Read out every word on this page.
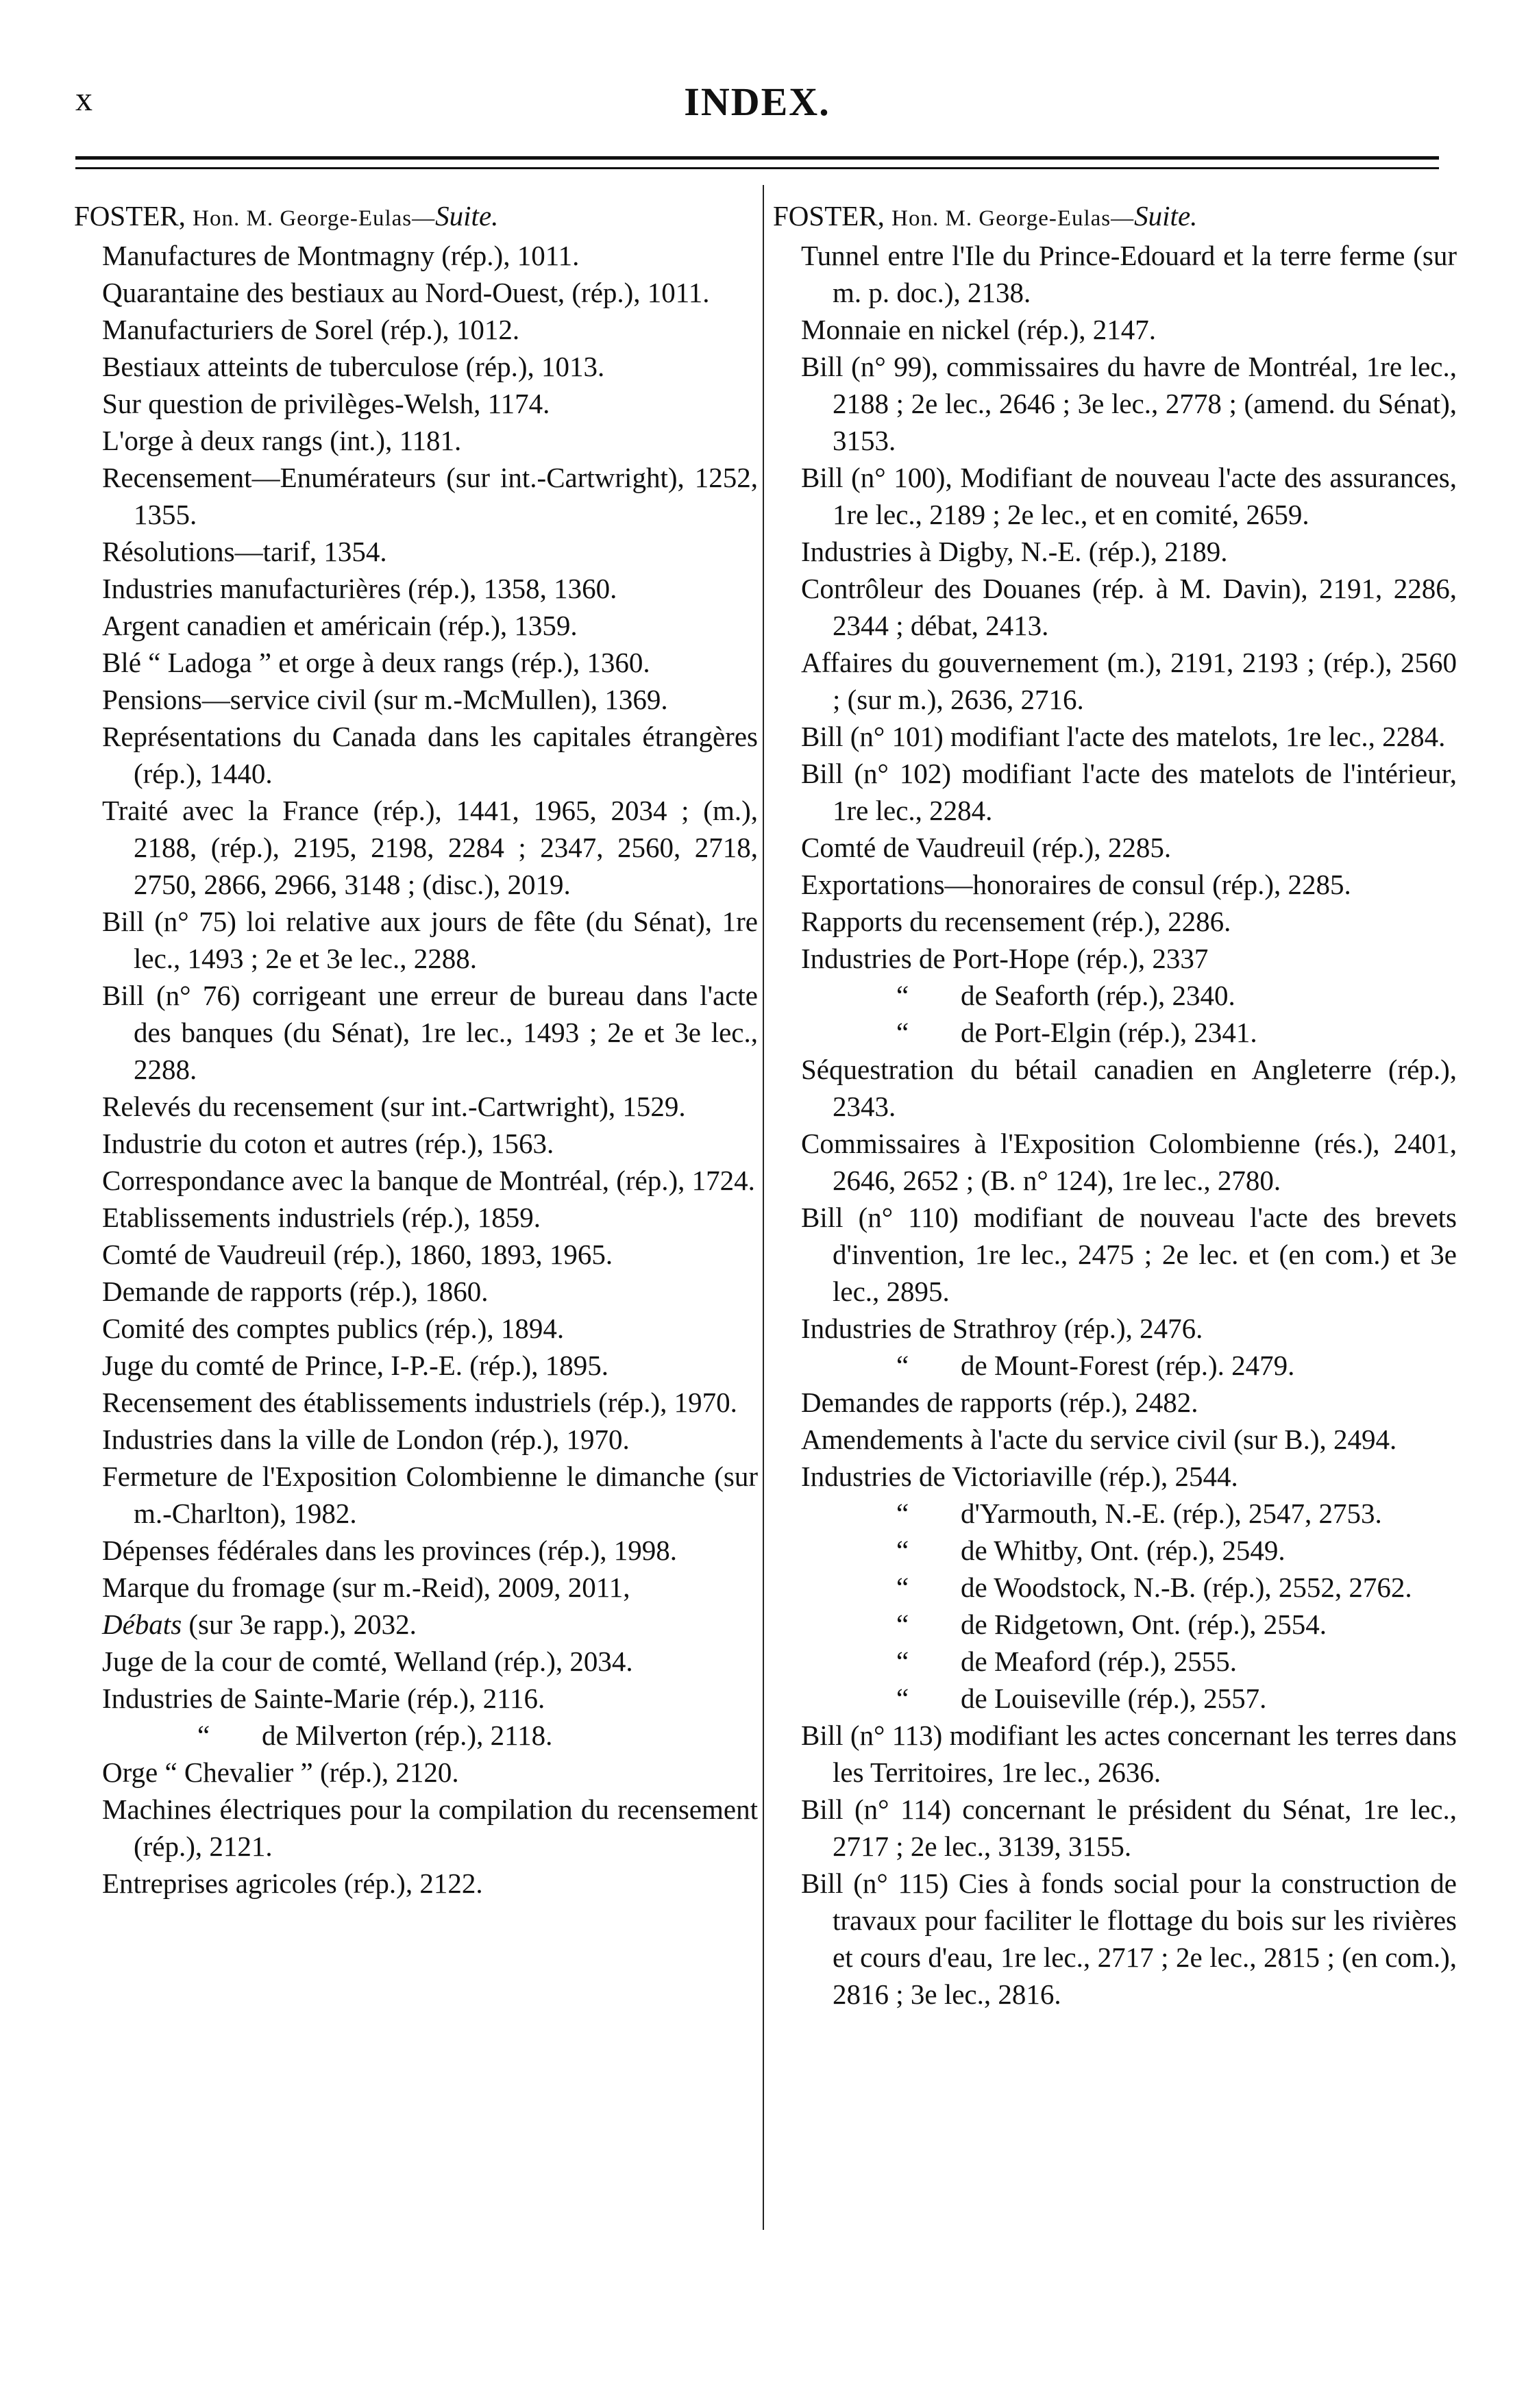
x	INDEX.
FOSTER, Hon. M. George-Eulas—Suite.

Manufactures de Montmagny (rép.), 1011.

Quarantaine des bestiaux au Nord-Ouest, (rép.), 1011.

Manufacturiers de Sorel (rép.), 1012.

Bestiaux atteints de tuberculose (rép.), 1013.

Sur question de privilèges-Welsh, 1174.

L'orge à deux rangs (int.), 1181.

Recensement—Enumérateurs (sur int.-Cartwright), 1252, 1355.

Résolutions—tarif, 1354.

Industries manufacturières (rép.), 1358, 1360.

Argent canadien et américain (rép.), 1359.

Blé “ Ladoga ” et orge à deux rangs (rép.), 1360.

Pensions—service civil (sur m.-McMullen), 1369.

Représentations du Canada dans les capitales étrangères (rép.), 1440.

Traité avec la France (rép.), 1441, 1965, 2034 ; (m.), 2188, (rép.), 2195, 2198, 2284 ; 2347, 2560, 2718, 2750, 2866, 2966, 3148 ; (disc.), 2019.

Bill (n° 75) loi relative aux jours de fête (du Sénat), 1re lec., 1493 ; 2e et 3e lec., 2288.

Bill (n° 76) corrigeant une erreur de bureau dans l'acte des banques (du Sénat), 1re lec., 1493 ; 2e et 3e lec., 2288.

Relevés du recensement (sur int.-Cartwright), 1529.

Industrie du coton et autres (rép.), 1563.

Correspondance avec la banque de Montréal, (rép.), 1724.

Etablissements industriels (rép.), 1859.

Comté de Vaudreuil (rép.), 1860, 1893, 1965.

Demande de rapports (rép.), 1860.

Comité des comptes publics (rép.), 1894.

Juge du comté de Prince, I-P.-E. (rép.), 1895.

Recensement des établissements industriels (rép.), 1970.

Industries dans la ville de London (rép.), 1970.

Fermeture de l'Exposition Colombienne le dimanche (sur m.-Charlton), 1982.

Dépenses fédérales dans les provinces (rép.), 1998.

Marque du fromage (sur m.-Reid), 2009, 2011,

Débats (sur 3e rapp.), 2032.

Juge de la cour de comté, Welland (rép.), 2034.

Industries de Sainte-Marie (rép.), 2116.

“ de Milverton (rép.), 2118.

Orge “ Chevalier ” (rép.), 2120.

Machines électriques pour la compilation du recensement (rép.), 2121.

Entreprises agricoles (rép.), 2122.

FOSTER, Hon. M. George-Eulas—Suite.

Tunnel entre l'Ile du Prince-Edouard et la terre ferme (sur m. p. doc.), 2138.

Monnaie en nickel (rép.), 2147.

Bill (n° 99), commissaires du havre de Montréal, 1re lec., 2188 ; 2e lec., 2646 ; 3e lec., 2778 ; (amend. du Sénat), 3153.

Bill (n° 100), Modifiant de nouveau l'acte des assurances, 1re lec., 2189 ; 2e lec., et en comité, 2659.

Industries à Digby, N.-E. (rép.), 2189.

Contrôleur des Douanes (rép. à M. Davin), 2191, 2286, 2344 ; débat, 2413.

Affaires du gouvernement (m.), 2191, 2193 ; (rép.), 2560 ; (sur m.), 2636, 2716.

Bill (n° 101) modifiant l'acte des matelots, 1re lec., 2284.

Bill (n° 102) modifiant l'acte des matelots de l'intérieur, 1re lec., 2284.

Comté de Vaudreuil (rép.), 2285.

Exportations—honoraires de consul (rép.), 2285.

Rapports du recensement (rép.), 2286.

Industries de Port-Hope (rép.), 2337

“ de Seaforth (rép.), 2340.

“ de Port-Elgin (rép.), 2341.

Séquestration du bétail canadien en Angleterre (rép.), 2343.

Commissaires à l'Exposition Colombienne (rés.), 2401, 2646, 2652 ; (B. n° 124), 1re lec., 2780.

Bill (n° 110) modifiant de nouveau l'acte des brevets d'invention, 1re lec., 2475 ; 2e lec. et (en com.) et 3e lec., 2895.

Industries de Strathroy (rép.), 2476.

“ de Mount-Forest (rép.). 2479.

Demandes de rapports (rép.), 2482.

Amendements à l'acte du service civil (sur B.), 2494.

Industries de Victoriaville (rép.), 2544.

“ d'Yarmouth, N.-E. (rép.), 2547, 2753.

“ de Whitby, Ont. (rép.), 2549.

“ de Woodstock, N.-B. (rép.), 2552, 2762.

“ de Ridgetown, Ont. (rép.), 2554.

“ de Meaford (rép.), 2555.

“ de Louiseville (rép.), 2557.

Bill (n° 113) modifiant les actes concernant les terres dans les Territoires, 1re lec., 2636.

Bill (n° 114) concernant le président du Sénat, 1re lec., 2717 ; 2e lec., 3139, 3155.

Bill (n° 115) Cies à fonds social pour la construction de travaux pour faciliter le flottage du bois sur les rivières et cours d'eau, 1re lec., 2717 ; 2e lec., 2815 ; (en com.), 2816 ; 3e lec., 2816.
